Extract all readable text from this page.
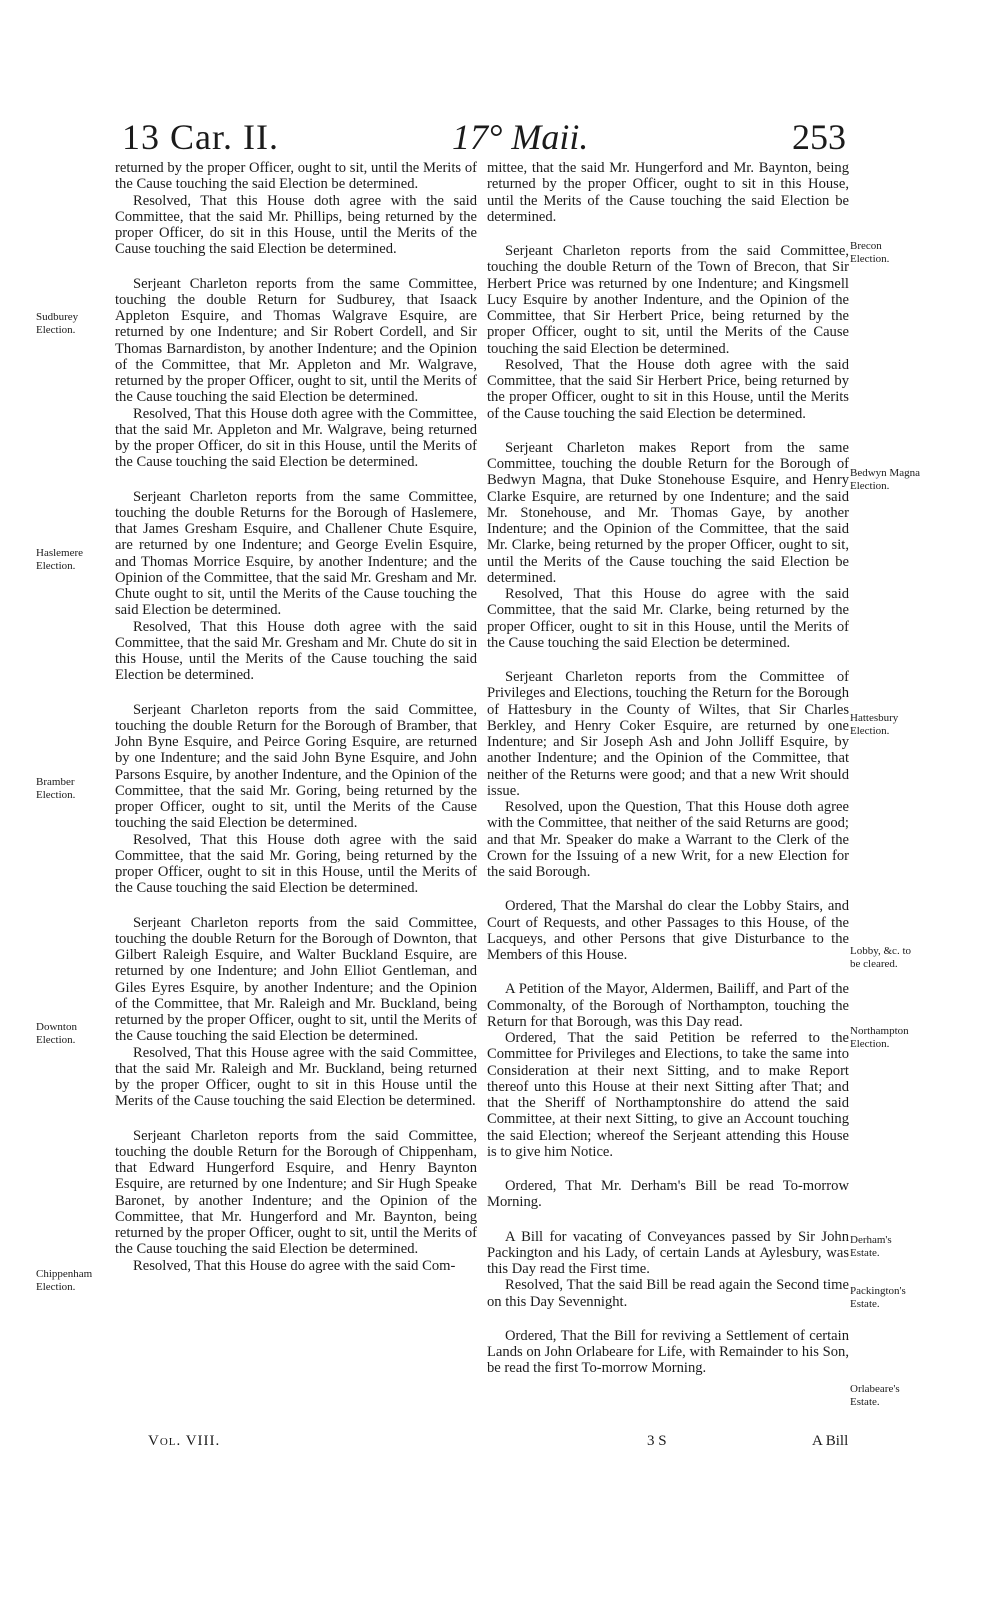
13 Car. II.	17° Maii.	253

returned by the proper Officer, ought to sit, until the Merits of the Cause touching the said Election be determined.

Resolved, That this House doth agree with the said Committee, that the said Mr. Phillips, being returned by the proper Officer, do sit in this House, until the Merits of the Cause touching the said Election be determined.

Serjeant Charleton reports from the same Committee, touching the double Return for Sudburey, that Isaack Appleton Esquire, and Thomas Walgrave Esquire, are returned by one Indenture; and Sir Robert Cordell, and Sir Thomas Barnardiston, by another Indenture; and the Opinion of the Committee, that Mr. Appleton and Mr. Walgrave, returned by the proper Officer, ought to sit, until the Merits of the Cause touching the said Election be determined.

Resolved, That this House doth agree with the Committee, that the said Mr. Appleton and Mr. Walgrave, being returned by the proper Officer, do sit in this House, until the Merits of the Cause touching the said Election be determined.

Serjeant Charleton reports from the same Committee, touching the double Returns for the Borough of Haslemere, that James Gresham Esquire, and Challener Chute Esquire, are returned by one Indenture; and George Evelin Esquire, and Thomas Morrice Esquire, by another Indenture; and the Opinion of the Committee, that the said Mr. Gresham and Mr. Chute ought to sit, until the Merits of the Cause touching the said Election be determined.

Resolved, That this House doth agree with the said Committee, that the said Mr. Gresham and Mr. Chute do sit in this House, until the Merits of the Cause touching the said Election be determined.

Serjeant Charleton reports from the said Committee, touching the double Return for the Borough of Bramber, that John Byne Esquire, and Peirce Goring Esquire, are returned by one Indenture; and the said John Byne Esquire, and John Parsons Esquire, by another Indenture, and the Opinion of the Committee, that the said Mr. Goring, being returned by the proper Officer, ought to sit, until the Merits of the Cause touching the said Election be determined.

Resolved, That this House doth agree with the said Committee, that the said Mr. Goring, being returned by the proper Officer, ought to sit in this House, until the Merits of the Cause touching the said Election be determined.

Serjeant Charleton reports from the said Committee, touching the double Return for the Borough of Downton, that Gilbert Raleigh Esquire, and Walter Buckland Esquire, are returned by one Indenture; and John Elliot Gentleman, and Giles Eyres Esquire, by another Indenture; and the Opinion of the Committee, that Mr. Raleigh and Mr. Buckland, being returned by the proper Officer, ought to sit, until the Merits of the Cause touching the said Election be determined.

Resolved, That this House agree with the said Committee, that the said Mr. Raleigh and Mr. Buckland, being returned by the proper Officer, ought to sit in this House until the Merits of the Cause touching the said Election be determined.

Serjeant Charleton reports from the said Committee, touching the double Return for the Borough of Chippenham, that Edward Hungerford Esquire, and Henry Baynton Esquire, are returned by one Indenture; and Sir Hugh Speake Baronet, by another Indenture; and the Opinion of the Committee, that Mr. Hungerford and Mr. Baynton, being returned by the proper Officer, ought to sit, until the Merits of the Cause touching the said Election be determined.

Resolved, That this House do agree with the said Com-

mittee, that the said Mr. Hungerford and Mr. Baynton, being returned by the proper Officer, ought to sit in this House, until the Merits of the Cause touching the said Election be determined.

Serjeant Charleton reports from the said Committee, touching the double Return of the Town of Brecon, that Sir Herbert Price was returned by one Indenture; and Kingsmell Lucy Esquire by another Indenture, and the Opinion of the Committee, that Sir Herbert Price, being returned by the proper Officer, ought to sit, until the Merits of the Cause touching the said Election be determined.

Resolved, That the House doth agree with the said Committee, that the said Sir Herbert Price, being returned by the proper Officer, ought to sit in this House, until the Merits of the Cause touching the said Election be determined.

Serjeant Charleton makes Report from the same Committee, touching the double Return for the Borough of Bedwyn Magna, that Duke Stonehouse Esquire, and Henry Clarke Esquire, are returned by one Indenture; and the said Mr. Stonehouse, and Mr. Thomas Gaye, by another Indenture; and the Opinion of the Committee, that the said Mr. Clarke, being returned by the proper Officer, ought to sit, until the Merits of the Cause touching the said Election be determined.

Resolved, That this House do agree with the said Committee, that the said Mr. Clarke, being returned by the proper Officer, ought to sit in this House, until the Merits of the Cause touching the said Election be determined.

Serjeant Charleton reports from the Committee of Privileges and Elections, touching the Return for the Borough of Hattesbury in the County of Wiltes, that Sir Charles Berkley, and Henry Coker Esquire, are returned by one Indenture; and Sir Joseph Ash and John Jolliff Esquire, by another Indenture; and the Opinion of the Committee, that neither of the Returns were good; and that a new Writ should issue.

Resolved, upon the Question, That this House doth agree with the Committee, that neither of the said Returns are good; and that Mr. Speaker do make a Warrant to the Clerk of the Crown for the Issuing of a new Writ, for a new Election for the said Borough.

Ordered, That the Marshal do clear the Lobby Stairs, and Court of Requests, and other Passages to this House, of the Lacqueys, and other Persons that give Disturbance to the Members of this House.

A Petition of the Mayor, Aldermen, Bailiff, and Part of the Commonalty, of the Borough of Northampton, touching the Return for that Borough, was this Day read.

Ordered, That the said Petition be referred to the Committee for Privileges and Elections, to take the same into Consideration at their next Sitting, and to make Report thereof unto this House at their next Sitting after That; and that the Sheriff of Northamptonshire do attend the said Committee, at their next Sitting, to give an Account touching the said Election; whereof the Serjeant attending this House is to give him Notice.

Ordered, That Mr. Derham's Bill be read To-morrow Morning.

A Bill for vacating of Conveyances passed by Sir John Packington and his Lady, of certain Lands at Aylesbury, was this Day read the First time.

Resolved, That the said Bill be read again the Second time on this Day Sevennight.

Ordered, That the Bill for reviving a Settlement of certain Lands on John Orlabeare for Life, with Remainder to his Son, be read the first To-morrow Morning.

Sudburey Election.
Haslemere Election.
Bramber Election.
Downton Election.
Chippenham Election.
Brecon Election.
Bedwyn Magna Election.
Hattesbury Election.
Lobby, &c. to be cleared.
Northampton Election.
Derham's Estate.
Packington's Estate.
Orlabeare's Estate.
Vol. VIII.	3 S	A Bill
